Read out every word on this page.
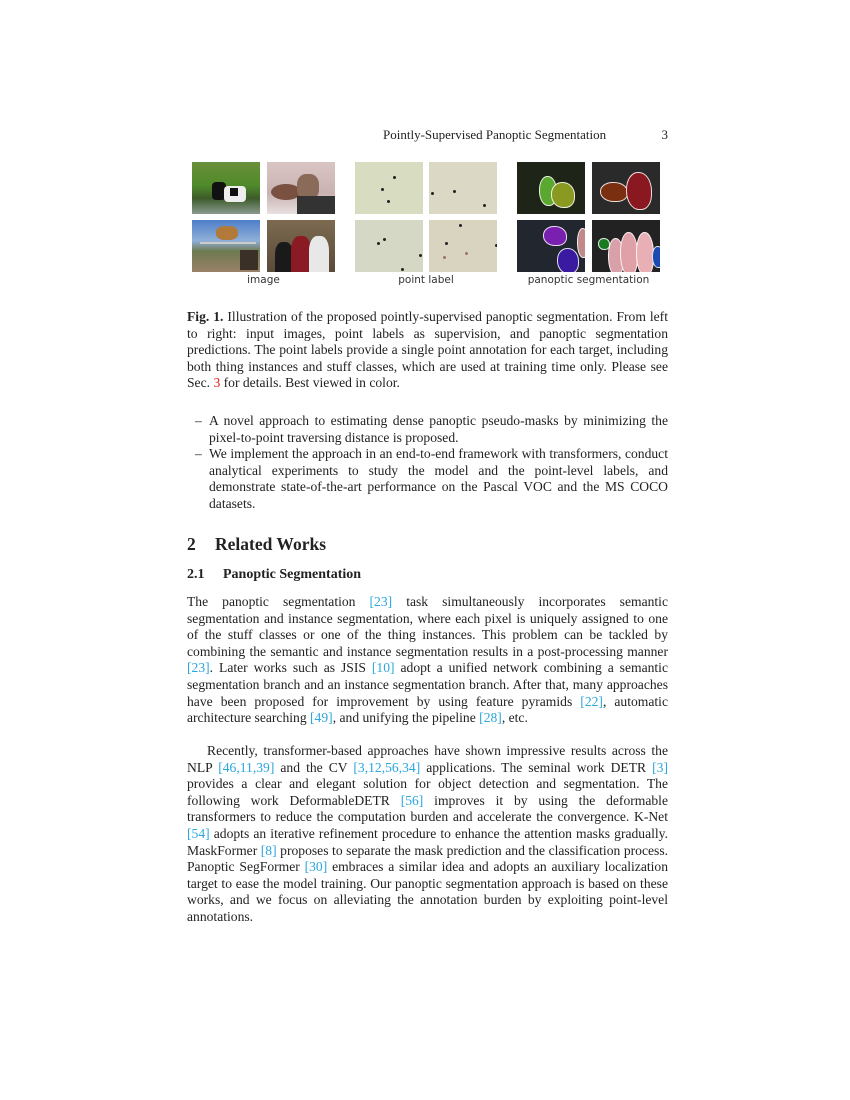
Pointly-Supervised Panoptic Segmentation	3
image	point label	panoptic segmentation
Fig. 1. Illustration of the proposed pointly-supervised panoptic segmentation. From left to right: input images, point labels as supervision, and panoptic segmentation predictions. The point labels provide a single point annotation for each target, including both thing instances and stuff classes, which are used at training time only. Please see Sec. 3 for details. Best viewed in color.
– A novel approach to estimating dense panoptic pseudo-masks by minimizing the pixel-to-point traversing distance is proposed.
– We implement the approach in an end-to-end framework with transformers, conduct analytical experiments to study the model and the point-level labels, and demonstrate state-of-the-art performance on the Pascal VOC and the MS COCO datasets.
2 Related Works
2.1 Panoptic Segmentation
The panoptic segmentation [23] task simultaneously incorporates semantic segmentation and instance segmentation, where each pixel is uniquely assigned to one of the stuff classes or one of the thing instances. This problem can be tackled by combining the semantic and instance segmentation results in a post-processing manner [23]. Later works such as JSIS [10] adopt a unified network combining a semantic segmentation branch and an instance segmentation branch. After that, many approaches have been proposed for improvement by using feature pyramids [22], automatic architecture searching [49], and unifying the pipeline [28], etc.
Recently, transformer-based approaches have shown impressive results across the NLP [46,11,39] and the CV [3,12,56,34] applications. The seminal work DETR [3] provides a clear and elegant solution for object detection and segmentation. The following work DeformableDETR [56] improves it by using the deformable transformers to reduce the computation burden and accelerate the convergence. K-Net [54] adopts an iterative refinement procedure to enhance the attention masks gradually. MaskFormer [8] proposes to separate the mask prediction and the classification process. Panoptic SegFormer [30] embraces a similar idea and adopts an auxiliary localization target to ease the model training. Our panoptic segmentation approach is based on these works, and we focus on alleviating the annotation burden by exploiting point-level annotations.
